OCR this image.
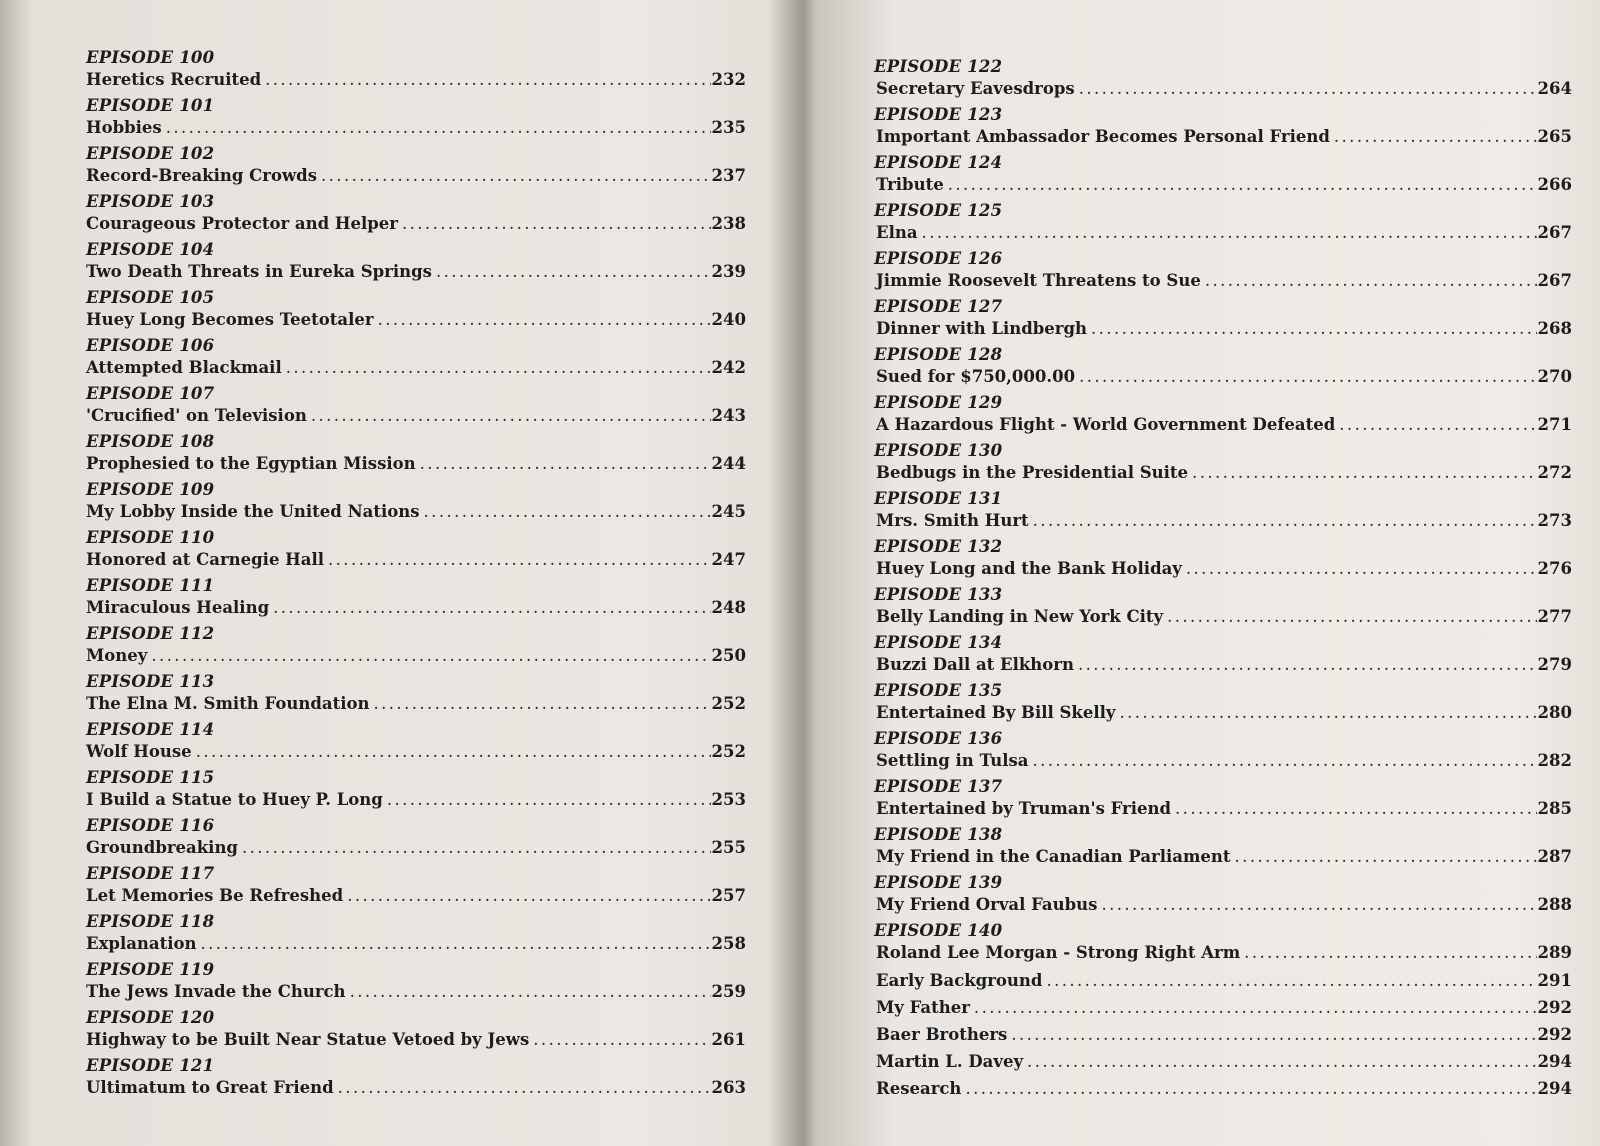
EPISODE 100
Heretics Recruited .....	232
EPISODE 101
Hobbies .....	235
EPISODE 102
Record-Breaking Crowds .....	237
EPISODE 103
Courageous Protector and Helper .....	238
EPISODE 104
Two Death Threats in Eureka Springs .....	239
EPISODE 105
Huey Long Becomes Teetotaler .....	240
EPISODE 106
Attempted Blackmail .....	242
EPISODE 107
'Crucified' on Television .....	243
EPISODE 108
Prophesied to the Egyptian Mission .....	244
EPISODE 109
My Lobby Inside the United Nations .....	245
EPISODE 110
Honored at Carnegie Hall .....	247
EPISODE 111
Miraculous Healing .....	248
EPISODE 112
Money .....	250
EPISODE 113
The Elna M. Smith Foundation .....	252
EPISODE 114
Wolf House .....	252
EPISODE 115
I Build a Statue to Huey P. Long .....	253
EPISODE 116
Groundbreaking .....	255
EPISODE 117
Let Memories Be Refreshed .....	257
EPISODE 118
Explanation .....	258
EPISODE 119
The Jews Invade the Church .....	259
EPISODE 120
Highway to be Built Near Statue Vetoed by Jews .....	261
EPISODE 121
Ultimatum to Great Friend .....	263
EPISODE 122
Secretary Eavesdrops .....	264
EPISODE 123
Important Ambassador Becomes Personal Friend .....	265
EPISODE 124
Tribute .....	266
EPISODE 125
Elna .....	267
EPISODE 126
Jimmie Roosevelt Threatens to Sue .....	267
EPISODE 127
Dinner with Lindbergh .....	268
EPISODE 128
Sued for $750,000.00 .....	270
EPISODE 129
A Hazardous Flight - World Government Defeated .....	271
EPISODE 130
Bedbugs in the Presidential Suite .....	272
EPISODE 131
Mrs. Smith Hurt .....	273
EPISODE 132
Huey Long and the Bank Holiday .....	276
EPISODE 133
Belly Landing in New York City .....	277
EPISODE 134
Buzzi Dall at Elkhorn .....	279
EPISODE 135
Entertained By Bill Skelly .....	280
EPISODE 136
Settling in Tulsa .....	282
EPISODE 137
Entertained by Truman's Friend .....	285
EPISODE 138
My Friend in the Canadian Parliament .....	287
EPISODE 139
My Friend Orval Faubus .....	288
EPISODE 140
Roland Lee Morgan - Strong Right Arm .....	289
Early Background .....	291
My Father .....	292
Baer Brothers .....	292
Martin L. Davey .....	294
Research .....	294
